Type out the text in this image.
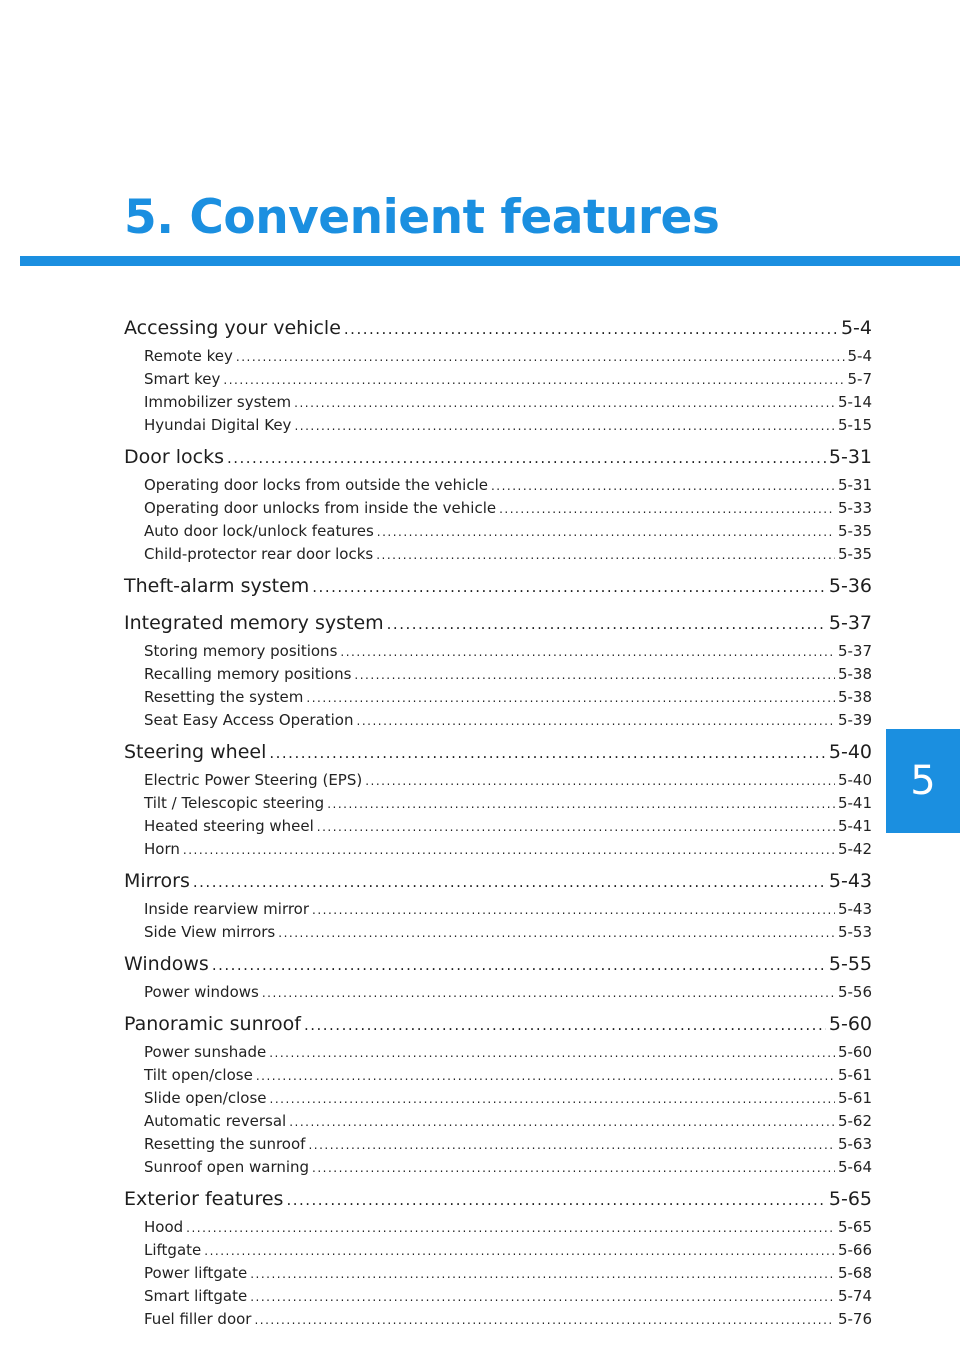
5. Convenient features
5
Accessing your vehicle .....	5-4
Remote key .....	5-4
Smart key .....	5-7
Immobilizer system .....	5-14
Hyundai Digital Key .....	5-15
Door locks .....	5-31
Operating door locks from outside the vehicle .....	5-31
Operating door unlocks from inside the vehicle .....	5-33
Auto door lock/unlock features .....	5-35
Child-protector rear door locks .....	5-35
Theft-alarm system .....	5-36
Integrated memory system .....	5-37
Storing memory positions .....	5-37
Recalling memory positions .....	5-38
Resetting the system .....	5-38
Seat Easy Access Operation .....	5-39
Steering wheel .....	5-40
Electric Power Steering (EPS) .....	5-40
Tilt / Telescopic steering .....	5-41
Heated steering wheel .....	5-41
Horn .....	5-42
Mirrors .....	5-43
Inside rearview mirror .....	5-43
Side View mirrors .....	5-53
Windows .....	5-55
Power windows .....	5-56
Panoramic sunroof .....	5-60
Power sunshade .....	5-60
Tilt open/close .....	5-61
Slide open/close .....	5-61
Automatic reversal .....	5-62
Resetting the sunroof .....	5-63
Sunroof open warning .....	5-64
Exterior features .....	5-65
Hood .....	5-65
Liftgate .....	5-66
Power liftgate .....	5-68
Smart liftgate .....	5-74
Fuel filler door .....	5-76
